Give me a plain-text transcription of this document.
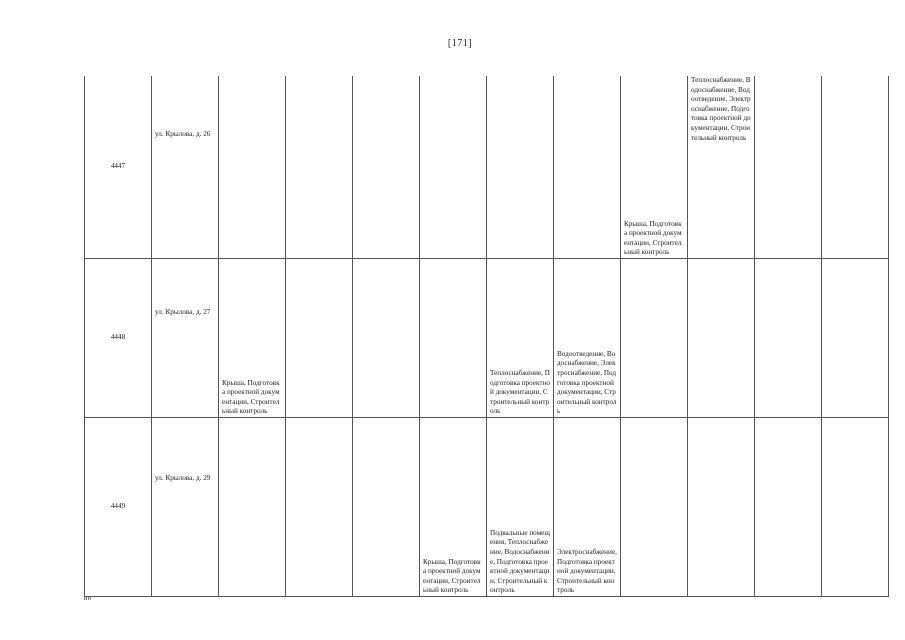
[171]
4447	ул. Крылова, д. 26							Крыша, Подготовка проектной документации, Строительный контроль	Теплоснабжение, Водоснабжение, Водоотведение, Электроснабжение, Подготовка проектной документации, Строительный контроль		
4448	ул. Крылова, д. 27	Крыша, Подготовка проектной документации, Строительный контроль				Теплоснабжение, Подготовка проектной документации, Строительный контроль	Водоотведение, Водоснабжение, Электроснабжение, Подготовка проектной документации, Строительный контроль				
4449	ул. Крылова, д. 29				Крыша, Подготовка проектной документации, Строительный контроль	Подвальные помещения, Теплоснабжение, Водоснабжение, Подготовка проектной документации, Строительный контроль	Электроснабжение, Подготовка проектной документации, Строительный контроль				
ин
